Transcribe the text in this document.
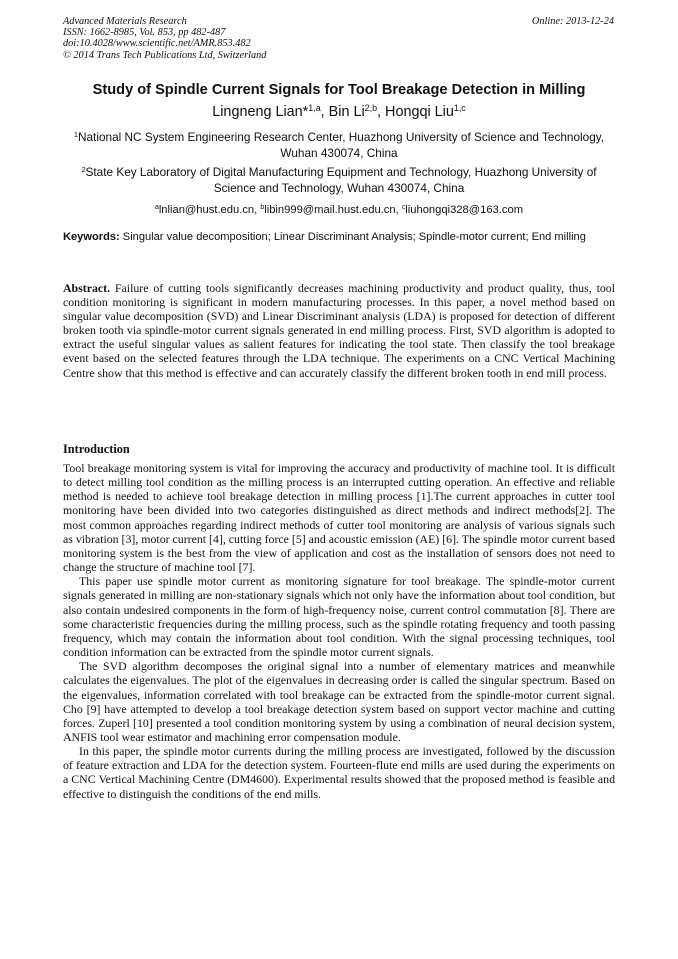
Advanced Materials Research
ISSN: 1662-8985, Vol. 853, pp 482-487
doi:10.4028/www.scientific.net/AMR.853.482
© 2014 Trans Tech Publications Ltd, Switzerland
Online: 2013-12-24
Study of Spindle Current Signals for Tool Breakage Detection in Milling
Lingneng Lian*$^{1,a}$, Bin Li$^{2,b}$, Hongqi Liu$^{1,c}$
$^1$National NC System Engineering Research Center, Huazhong University of Science and Technology, Wuhan 430074, China
$^2$State Key Laboratory of Digital Manufacturing Equipment and Technology, Huazhong University of Science and Technology, Wuhan 430074, China
$^a$lnlian@hust.edu.cn, $^b$libin999@mail.hust.edu.cn, $^c$liuhongqi328@163.com
Keywords: Singular value decomposition; Linear Discriminant Analysis; Spindle-motor current; End milling
Abstract. Failure of cutting tools significantly decreases machining productivity and product quality, thus, tool condition monitoring is significant in modern manufacturing processes. In this paper, a novel method based on singular value decomposition (SVD) and Linear Discriminant analysis (LDA) is proposed for detection of different broken tooth via spindle-motor current signals generated in end milling process. First, SVD algorithm is adopted to extract the useful singular values as salient features for indicating the tool state. Then classify the tool breakage event based on the selected features through the LDA technique. The experiments on a CNC Vertical Machining Centre show that this method is effective and can accurately classify the different broken tooth in end mill process.
Introduction

Tool breakage monitoring system is vital for improving the accuracy and productivity of machine tool. It is difficult to detect milling tool condition as the milling process is an interrupted cutting operation. An effective and reliable method is needed to achieve tool breakage detection in milling process [1].The current approaches in cutter tool monitoring have been divided into two categories distinguished as direct methods and indirect methods[2]. The most common approaches regarding indirect methods of cutter tool monitoring are analysis of various signals such as vibration [3], motor current [4], cutting force [5] and acoustic emission (AE) [6]. The spindle motor current based monitoring system is the best from the view of application and cost as the installation of sensors does not need to change the structure of machine tool [7].

This paper use spindle motor current as monitoring signature for tool breakage. The spindle-motor current signals generated in milling are non-stationary signals which not only have the information about tool condition, but also contain undesired components in the form of high-frequency noise, current control commutation [8]. There are some characteristic frequencies during the milling process, such as the spindle rotating frequency and tooth passing frequency, which may contain the information about tool condition. With the signal processing techniques, tool condition information can be extracted from the spindle motor current signals.

The SVD algorithm decomposes the original signal into a number of elementary matrices and meanwhile calculates the eigenvalues. The plot of the eigenvalues in decreasing order is called the singular spectrum. Based on the eigenvalues, information correlated with tool breakage can be extracted from the spindle-motor current signal. Cho [9] have attempted to develop a tool breakage detection system based on support vector machine and cutting forces. Zuperl [10] presented a tool condition monitoring system by using a combination of neural decision system, ANFIS tool wear estimator and machining error compensation module.

In this paper, the spindle motor currents during the milling process are investigated, followed by the discussion of feature extraction and LDA for the detection system. Fourteen-flute end mills are used during the experiments on a CNC Vertical Machining Centre (DM4600). Experimental results showed that the proposed method is feasible and effective to distinguish the conditions of the end mills.
